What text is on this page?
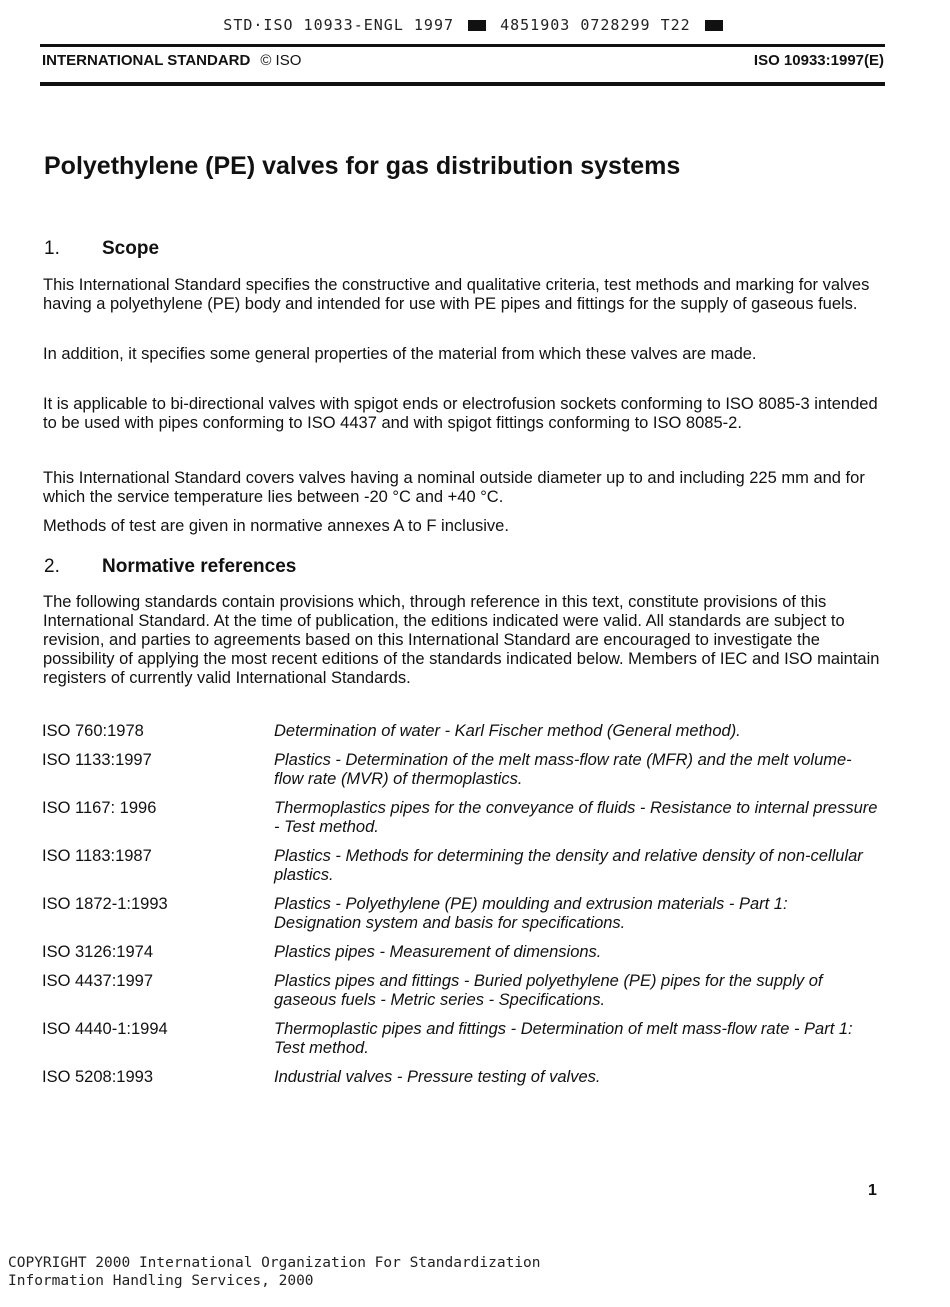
STD·ISO 10933-ENGL 1997	4851903 0728299 T22
INTERNATIONAL STANDARD © ISO	ISO 10933:1997(E)
Polyethylene (PE) valves for gas distribution systems
1. Scope

This International Standard specifies the constructive and qualitative criteria, test methods and marking for valves having a polyethylene (PE) body and intended for use with PE pipes and fittings for the supply of gaseous fuels.

In addition, it specifies some general properties of the material from which these valves are made.

It is applicable to bi-directional valves with spigot ends or electrofusion sockets conforming to ISO 8085-3 intended to be used with pipes conforming to ISO 4437 and with spigot fittings conforming to ISO 8085-2.

This International Standard covers valves having a nominal outside diameter up to and including 225 mm and for which the service temperature lies between -20 °C and +40 °C.

Methods of test are given in normative annexes A to F inclusive.

2. Normative references

The following standards contain provisions which, through reference in this text, constitute provisions of this International Standard. At the time of publication, the editions indicated were valid. All standards are subject to revision, and parties to agreements based on this International Standard are encouraged to investigate the possibility of applying the most recent editions of the standards indicated below. Members of IEC and ISO maintain registers of currently valid International Standards.

ISO 760:1978	Determination of water - Karl Fischer method (General method).
ISO 1133:1997	Plastics - Determination of the melt mass-flow rate (MFR) and the melt volume-flow rate (MVR) of thermoplastics.
ISO 1167: 1996	Thermoplastics pipes for the conveyance of fluids - Resistance to internal pressure - Test method.
ISO 1183:1987	Plastics - Methods for determining the density and relative density of non-cellular plastics.
ISO 1872-1:1993	Plastics - Polyethylene (PE) moulding and extrusion materials - Part 1: Designation system and basis for specifications.
ISO 3126:1974	Plastics pipes - Measurement of dimensions.
ISO 4437:1997	Plastics pipes and fittings - Buried polyethylene (PE) pipes for the supply of gaseous fuels - Metric series - Specifications.
ISO 4440-1:1994	Thermoplastic pipes and fittings - Determination of melt mass-flow rate - Part 1: Test method.
ISO 5208:1993	Industrial valves - Pressure testing of valves.
1
COPYRIGHT 2000 International Organization For Standardization
Information Handling Services, 2000
